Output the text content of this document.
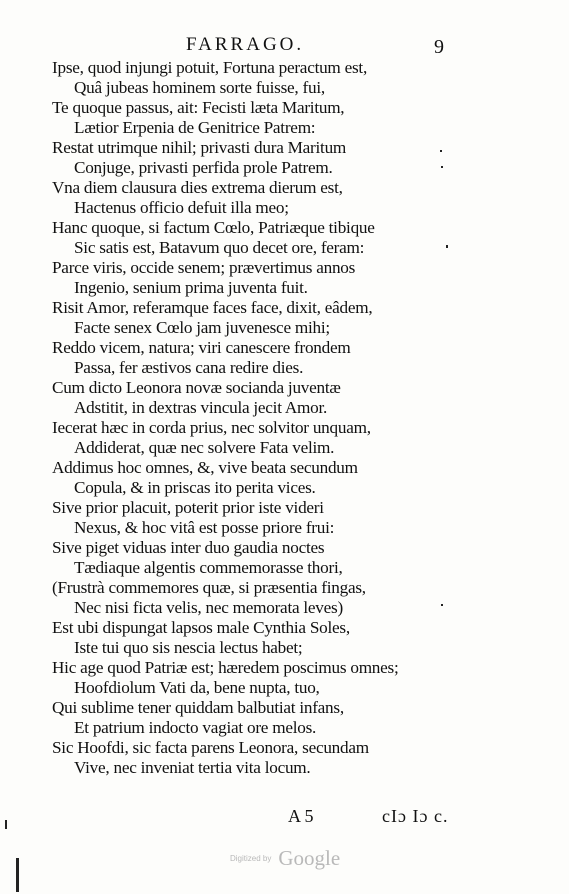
FARRAGO.	9
Ipse, quod injungi potuit, Fortuna peractum est,
Quâ jubeas hominem sorte fuisse, fui,
Te quoque passus, ait: Fecisti læta Maritum,
Lætior Erpenia de Genitrice Patrem:
Restat utrimque nihil; privasti dura Maritum
Conjuge, privasti perfida prole Patrem.
Vna diem clausura dies extrema dierum est,
Hactenus officio defuit illa meo;
Hanc quoque, si factum Cœlo, Patriæque tibique
Sic satis est, Batavum quo decet ore, feram:
Parce viris, occide senem; prævertimus annos
Ingenio, senium prima juventa fuit.
Risit Amor, referamque faces face, dixit, eâdem,
Facte senex Cœlo jam juvenesce mihi;
Reddo vicem, natura; viri canescere frondem
Passa, fer æstivos cana redire dies.
Cum dicto Leonora novæ socianda juventæ
Adstitit, in dextras vincula jecit Amor.
Iecerat hæc in corda prius, nec solvitor unquam,
Addiderat, quæ nec solvere Fata velim.
Addimus hoc omnes, &, vive beata secundum
Copula, & in priscas ito perita vices.
Sive prior placuit, poterit prior iste videri
Nexus, & hoc vitâ est posse priore frui:
Sive piget viduas inter duo gaudia noctes
Tædiaque algentis commemorasse thori,
(Frustrà commemores quæ, si præsentia fingas,
Nec nisi ficta velis, nec memorata leves)
Est ubi dispungat lapsos male Cynthia Soles,
Iste tui quo sis nescia lectus habet;
Hic age quod Patriæ est; hæredem poscimus omnes;
Hoofdiolum Vati da, bene nupta, tuo,
Qui sublime tener quiddam balbutiat infans,
Et patrium indocto vagiat ore melos.
Sic Hoofdi, sic facta parens Leonora, secundam
Vive, nec inveniat tertia vita locum.
A 5	cIɔ Iɔ c.
Digitized by Google
